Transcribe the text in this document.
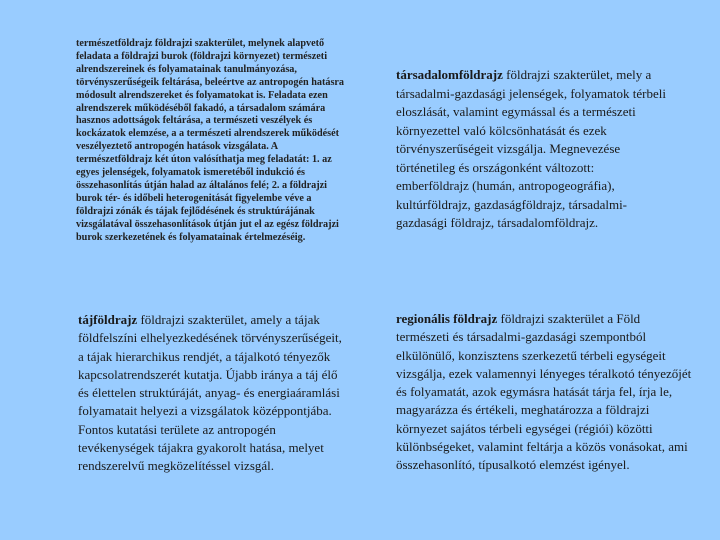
természetföldrajz földrajzi szakterület, melynek alapvető feladata a földrajzi burok (földrajzi környezet) természeti alrendszereinek és folyamatainak tanulmányozása, törvényszerűségeik feltárása, beleértve az antropogén hatásra módosult alrendszereket és folyamatokat is. Feladata ezen alrendszerek működéséből fakadó, a társadalom számára hasznos adottságok feltárása, a természeti veszélyek és kockázatok elemzése, a a természeti alrendszerek működését veszélyeztető antropogén hatások vizsgálata. A természetföldrajz két úton valósíthatja meg feladatát: 1. az egyes jelenségek, folyamatok ismeretéből indukció és összehasonlítás útján halad az általános felé; 2. a földrajzi burok tér- és időbeli heterogenitását figyelembe véve a földrajzi zónák és tájak fejlődésének és struktúrájának vizsgálatával összehasonlítások útján jut el az egész földrajzi burok szerkezetének és folyamatainak értelmezéséig.

társadalomföldrajz földrajzi szakterület, mely a társadalmi-gazdasági jelenségek, folyamatok térbeli eloszlását, valamint egymással és a természeti környezettel való kölcsönhatását és ezek törvényszerűségeit vizsgálja. Megnevezése történetileg és országonként változott: emberföldrajz (humán, antropogeográfia), kultúrföldrajz, gazdaságföldrajz, társadalmi-gazdasági földrajz, társadalomföldrajz.

tájföldrajz földrajzi szakterület, amely a tájak földfelszíni elhelyezkedésének törvényszerűségeit, a tájak hierarchikus rendjét, a tájalkotó tényezők kapcsolatrendszerét kutatja. Újabb iránya a táj élő és élettelen struktúráját, anyag- és energiaáramlási folyamatait helyezi a vizsgálatok középpontjába. Fontos kutatási területe az antropogén tevékenységek tájakra gyakorolt hatása, melyet rendszerelvű megközelítéssel vizsgál.

regionális földrajz földrajzi szakterület a Föld természeti és társadalmi-gazdasági szempontból elkülönülő, konzisztens szerkezetű térbeli egységeit vizsgálja, ezek valamennyi lényeges téralkotó tényezőjét és folyamatát, azok egymásra hatását tárja fel, írja le, magyarázza és értékeli, meghatározza a földrajzi környezet sajátos térbeli egységei (régiói) közötti különbségeket, valamint feltárja a közös vonásokat, ami összehasonlító, típusalkotó elemzést igényel.
